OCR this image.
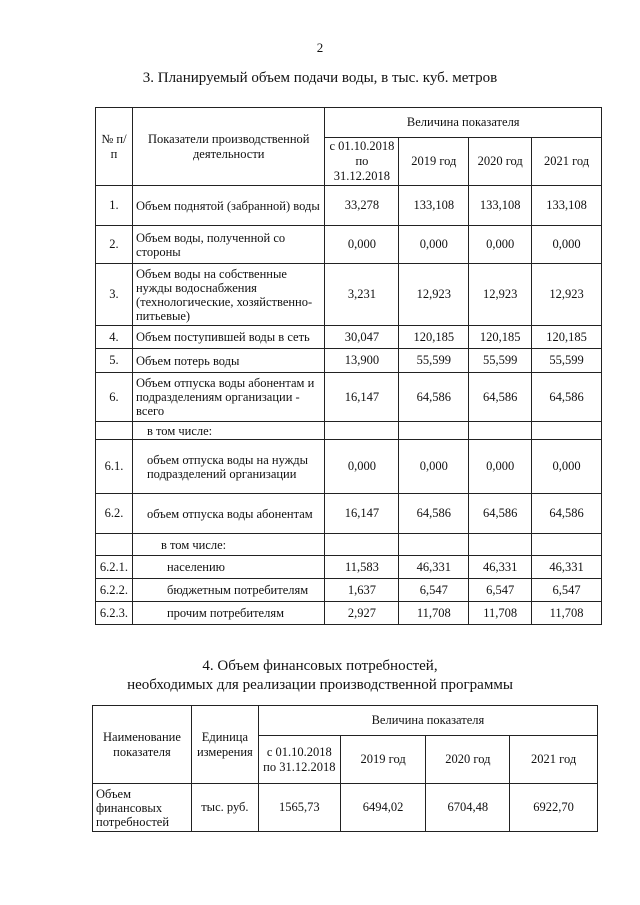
2
3. Планируемый объем подачи воды, в тыс. куб. метров
№ п/п	Показатели производственной деятельности	Величина показателя			
		с 01.10.2018 по 31.12.2018	2019 год	2020 год	2021 год
1.	Объем поднятой (забранной) воды	33,278	133,108	133,108	133,108
2.	Объем воды, полученной со стороны	0,000	0,000	0,000	0,000
3.	Объем воды на собственные нужды водоснабжения (технологические, хозяйственно-питьевые)	3,231	12,923	12,923	12,923
4.	Объем поступившей воды в сеть	30,047	120,185	120,185	120,185
5.	Объем потерь воды	13,900	55,599	55,599	55,599
6.	Объем отпуска воды абонентам и подразделениям организации - всего	16,147	64,586	64,586	64,586
	в том числе:				
6.1.	объем отпуска воды на нужды подразделений организации	0,000	0,000	0,000	0,000
6.2.	объем отпуска воды абонентам	16,147	64,586	64,586	64,586
	в том числе:				
6.2.1.	населению	11,583	46,331	46,331	46,331
6.2.2.	бюджетным потребителям	1,637	6,547	6,547	6,547
6.2.3.	прочим потребителям	2,927	11,708	11,708	11,708
4. Объем финансовых потребностей,
необходимых для реализации производственной программы
Наименование показателя	Единица измерения	Величина показателя			
		с 01.10.2018 по 31.12.2018	2019 год	2020 год	2021 год
Объем финансовых потребностей	тыс. руб.	1565,73	6494,02	6704,48	6922,70
